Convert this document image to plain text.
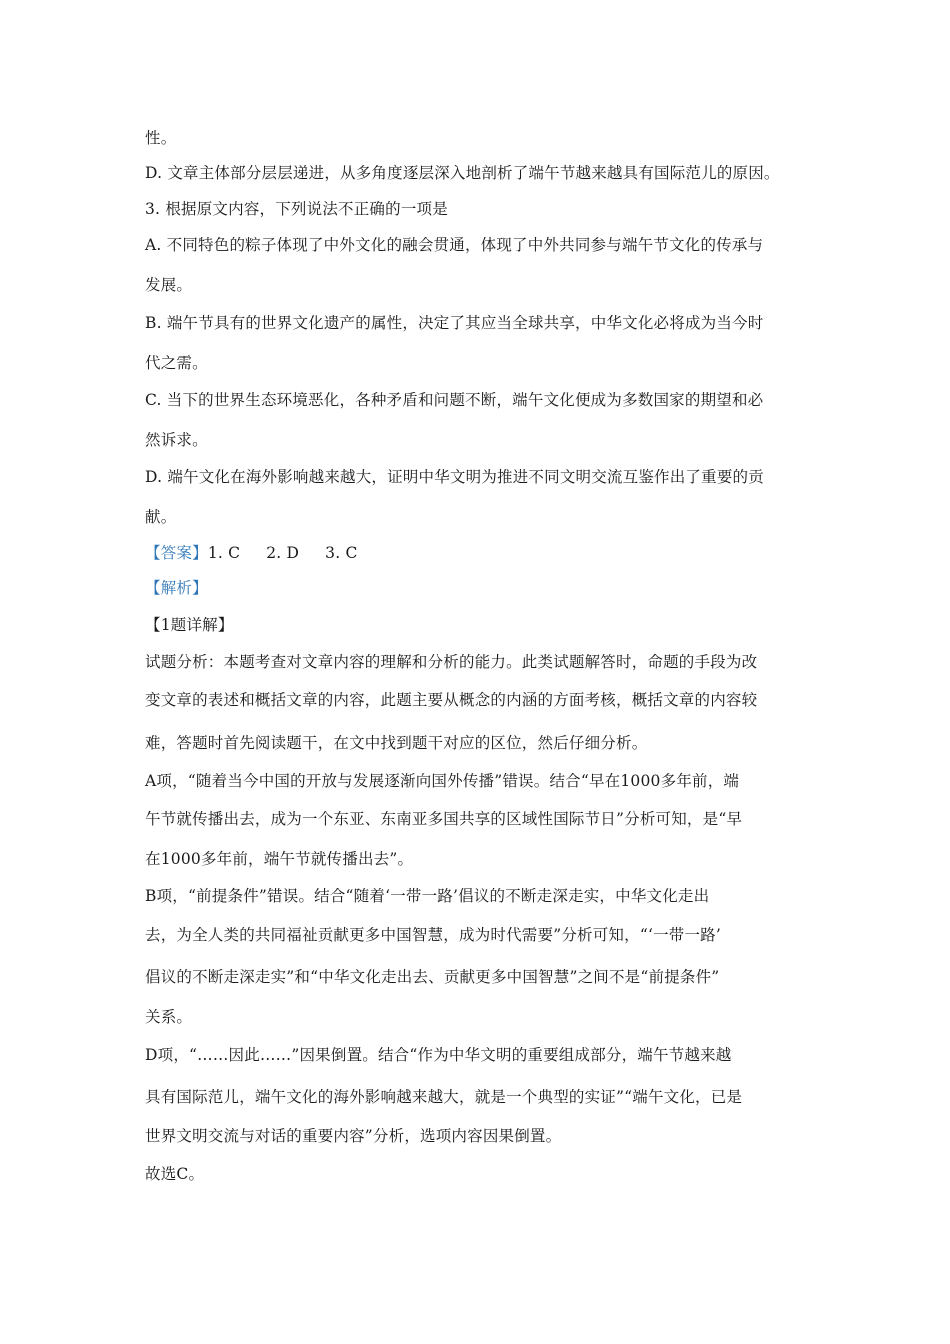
性。
D. 文章主体部分层层递进，从多角度逐层深入地剖析了端午节越来越具有国际范儿的原因。
3. 根据原文内容，下列说法不正确的一项是
A. 不同特色的粽子体现了中外文化的融会贯通，体现了中外共同参与端午节文化的传承与
发展。
B. 端午节具有的世界文化遗产的属性，决定了其应当全球共享，中华文化必将成为当今时
代之需。
C. 当下的世界生态环境恶化，各种矛盾和问题不断，端午文化便成为多数国家的期望和必
然诉求。
D. 端午文化在海外影响越来越大，证明中华文明为推进不同文明交流互鉴作出了重要的贡
献。
【答案】1. C 2. D 3. C
【解析】
【1题详解】
试题分析：本题考查对文章内容的理解和分析的能力。此类试题解答时，命题的手段为改
变文章的表述和概括文章的内容，此题主要从概念的内涵的方面考核，概括文章的内容较
难，答题时首先阅读题干，在文中找到题干对应的区位，然后仔细分析。
A项，“随着当今中国的开放与发展逐渐向国外传播”错误。结合“早在1000多年前，端
午节就传播出去，成为一个东亚、东南亚多国共享的区域性国际节日”分析可知，是“早
在1000多年前，端午节就传播出去”。
B项，“前提条件”错误。结合“随着‘一带一路’倡议的不断走深走实，中华文化走出
去，为全人类的共同福祉贡献更多中国智慧，成为时代需要”分析可知，“‘一带一路’
倡议的不断走深走实”和“中华文化走出去、贡献更多中国智慧”之间不是“前提条件”
关系。
D项，“……因此……”因果倒置。结合“作为中华文明的重要组成部分，端午节越来越
具有国际范儿，端午文化的海外影响越来越大，就是一个典型的实证”“端午文化，已是
世界文明交流与对话的重要内容”分析，选项内容因果倒置。
故选C。
